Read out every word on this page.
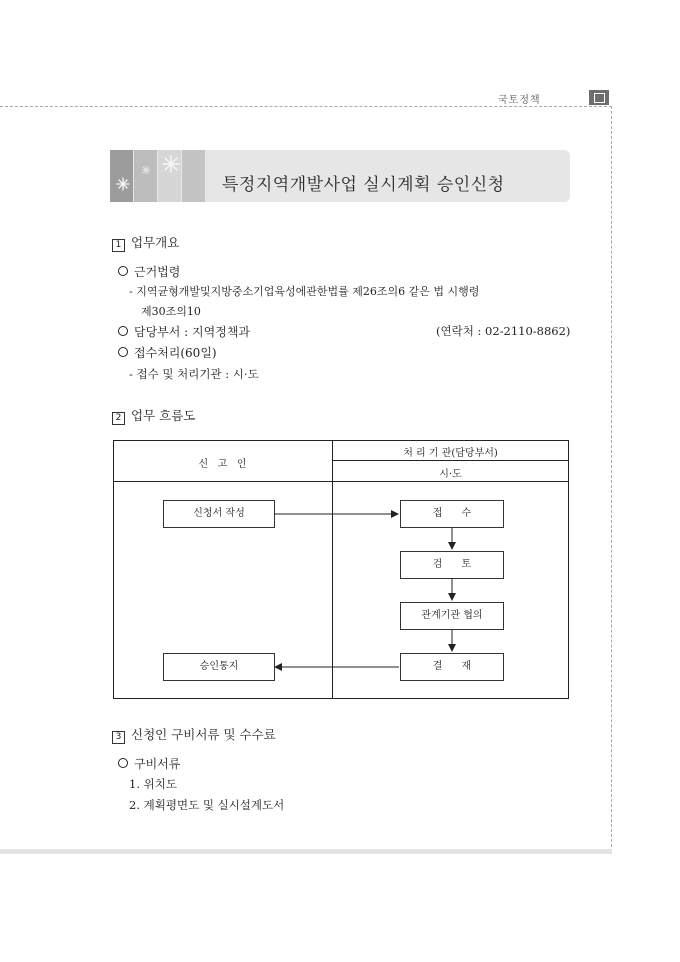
국토정책
특정지역개발사업 실시계획 승인신청
1 업무개요
근거법령
- 지역균형개발및지방중소기업육성에관한법률 제26조의6 같은 법 시행령
제30조의10
담당부서 : 지역정책과	(연락처 : 02-2110-8862)
접수처리(60일)
- 접수 및 처리기관 : 시·도
2 업무 흐름도
신   고   인
처 리 기 관(담당부서)
시·도
신청서 작성
승인통지
접      수
검      토
관계기관 협의
결      재
3 신청인 구비서류 및 수수료
구비서류
1. 위치도
2. 계획평면도 및 실시설계도서
